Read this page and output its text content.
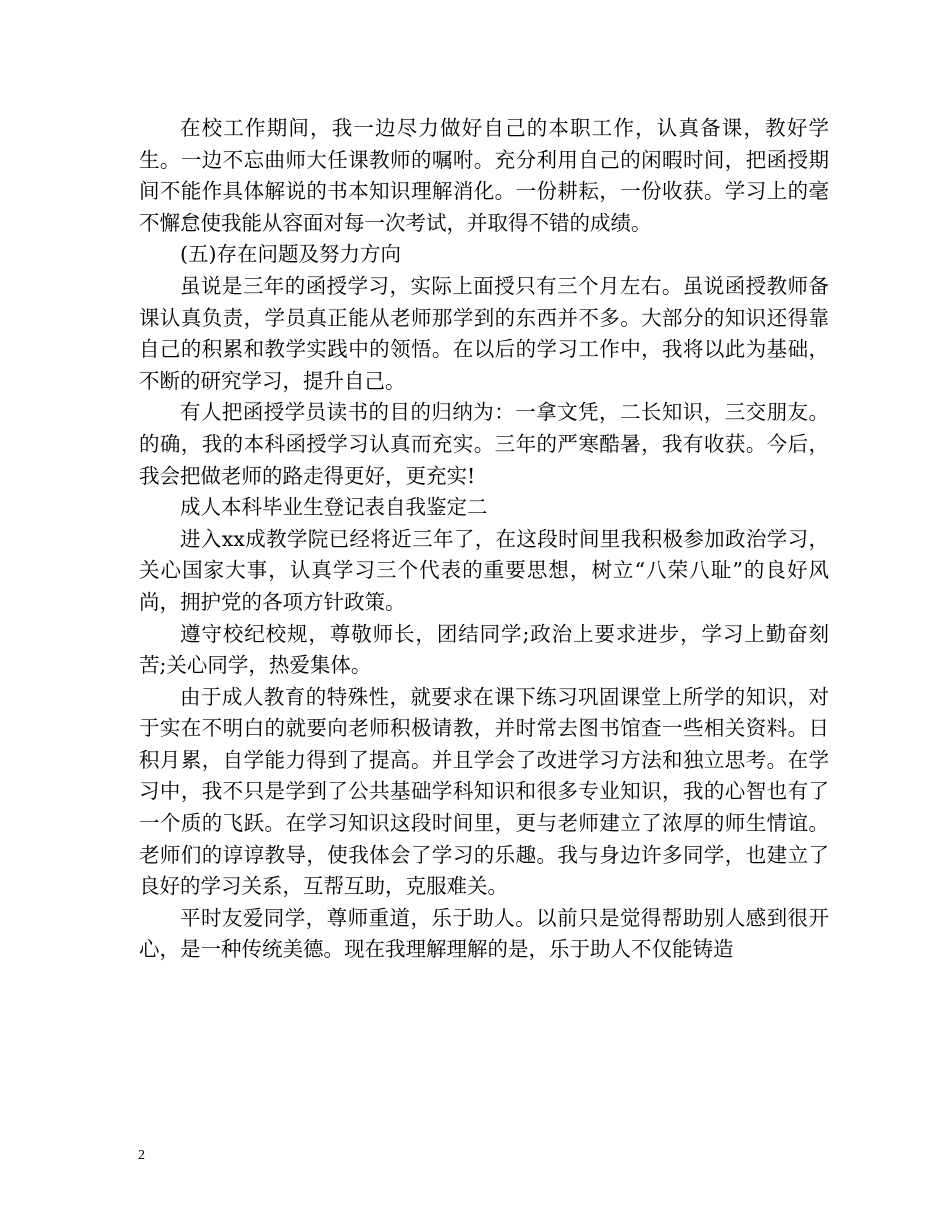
在校工作期间，我一边尽力做好自己的本职工作，认真备课，教好学生。一边不忘曲师大任课教师的嘱咐。充分利用自己的闲暇时间，把函授期间不能作具体解说的书本知识理解消化。一份耕耘，一份收获。学习上的毫不懈怠使我能从容面对每一次考试，并取得不错的成绩。

(五)存在问题及努力方向

虽说是三年的函授学习，实际上面授只有三个月左右。虽说函授教师备课认真负责，学员真正能从老师那学到的东西并不多。大部分的知识还得靠自己的积累和教学实践中的领悟。在以后的学习工作中，我将以此为基础，不断的研究学习，提升自己。

有人把函授学员读书的目的归纳为：一拿文凭，二长知识，三交朋友。的确，我的本科函授学习认真而充实。三年的严寒酷暑，我有收获。今后，我会把做老师的路走得更好，更充实!

成人本科毕业生登记表自我鉴定二

进入xx成教学院已经将近三年了，在这段时间里我积极参加政治学习，关心国家大事，认真学习三个代表的重要思想，树立“八荣八耻”的良好风尚，拥护党的各项方针政策。

遵守校纪校规，尊敬师长，团结同学;政治上要求进步，学习上勤奋刻苦;关心同学，热爱集体。

由于成人教育的特殊性，就要求在课下练习巩固课堂上所学的知识，对于实在不明白的就要向老师积极请教，并时常去图书馆查一些相关资料。日积月累，自学能力得到了提高。并且学会了改进学习方法和独立思考。在学习中，我不只是学到了公共基础学科知识和很多专业知识，我的心智也有了一个质的飞跃。在学习知识这段时间里，更与老师建立了浓厚的师生情谊。老师们的谆谆教导，使我体会了学习的乐趣。我与身边许多同学，也建立了良好的学习关系，互帮互助，克服难关。

平时友爱同学，尊师重道，乐于助人。以前只是觉得帮助别人感到很开心，是一种传统美德。现在我理解理解的是，乐于助人不仅能铸造

2
